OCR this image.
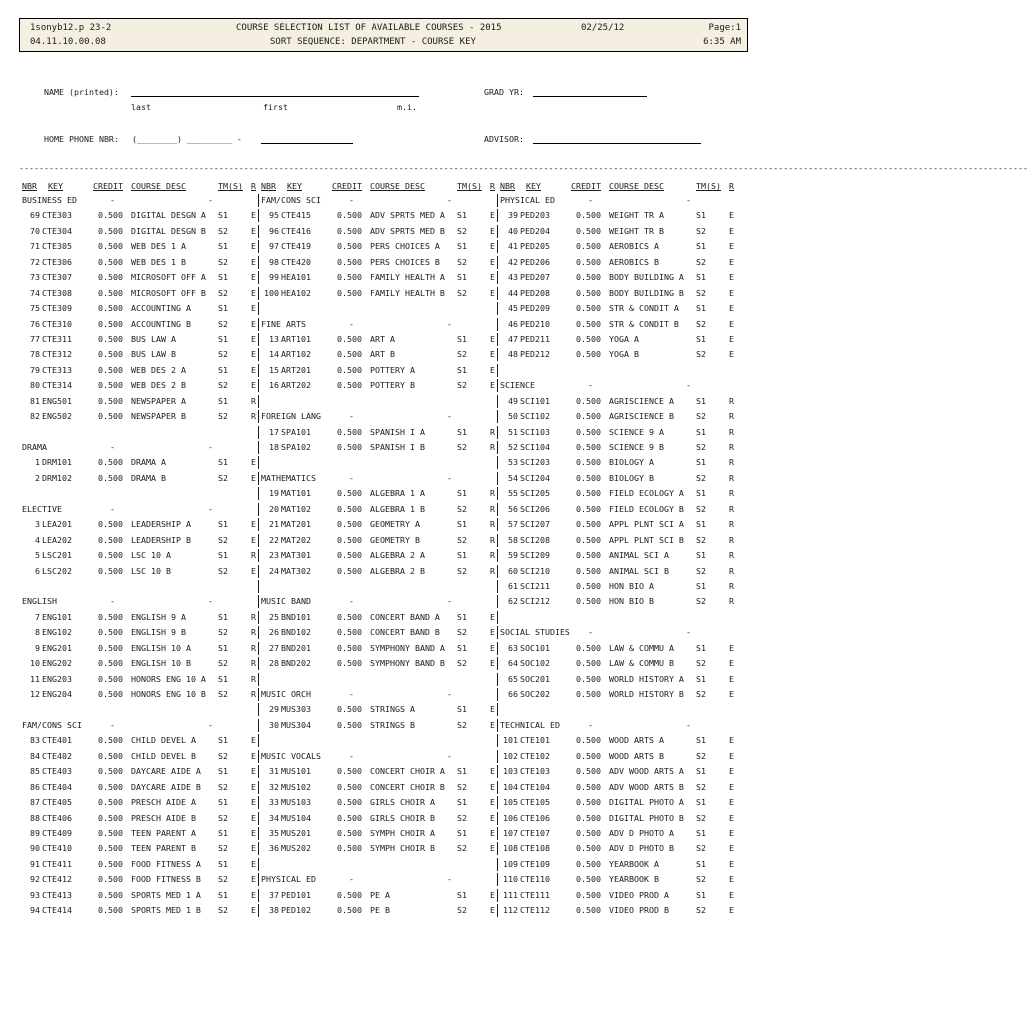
1sonyb12.p 23-2
04.11.10.00.08
COURSE SELECTION LIST OF AVAILABLE COURSES - 2015
SORT SEQUENCE: DEPARTMENT - COURSE KEY
02/25/12	Page:1
6:35 AM
NAME (printed):
last	first	m.i.
GRAD YR:
HOME PHONE NBR: (________) _________ -	ADVISOR:
----------------------------------------------------------------------------------------------------------------------------------------------------------------------------------------------------------
NBR KEY	CREDIT COURSE DESC	TM(S) R NBR KEY	CREDIT COURSE DESC	TM(S) R NBR KEY	CREDIT COURSE DESC	TM(S) R
BUSINESS ED	-	-
69 CTE303	0.500 DIGITAL DESGN A S1	E
70 CTE304	0.500 DIGITAL DESGN B S2	E
71 CTE305	0.500 WEB DES 1 A	S1	E
72 CTE306	0.500 WEB DES 1 B	S2	E
73 CTE307	0.500 MICROSOFT OFF A S1	E
74 CTE308	0.500 MICROSOFT OFF B S2	E
75 CTE309	0.500 ACCOUNTING A	S1	E
76 CTE310	0.500 ACCOUNTING B	S2	E
77 CTE311	0.500 BUS LAW A	S1	E
78 CTE312	0.500 BUS LAW B	S2	E
79 CTE313	0.500 WEB DES 2 A	S1	E
80 CTE314	0.500 WEB DES 2 B	S2	E
81 ENG501	0.500 NEWSPAPER A	S1	R
82 ENG502	0.500 NEWSPAPER B	S2	R
DRAMA	-	-
1 DRM101	0.500 DRAMA A	S1	E
2 DRM102	0.500 DRAMA B	S2	E
ELECTIVE	-	-
3 LEA201	0.500 LEADERSHIP A	S1	E
4 LEA202	0.500 LEADERSHIP B	S2	E
5 LSC201	0.500 LSC 10 A	S1	R
6 LSC202	0.500 LSC 10 B	S2	E
ENGLISH	-	-
7 ENG101	0.500 ENGLISH 9 A	S1	R
8 ENG102	0.500 ENGLISH 9 B	S2	R
9 ENG201	0.500 ENGLISH 10 A	S1	R
10 ENG202	0.500 ENGLISH 10 B	S2	R
11 ENG203	0.500 HONORS ENG 10 A S1	R
12 ENG204	0.500 HONORS ENG 10 B S2	R
FAM/CONS SCI	-	-
83 CTE401	0.500 CHILD DEVEL A	S1	E
84 CTE402	0.500 CHILD DEVEL B	S2	E
85 CTE403	0.500 DAYCARE AIDE A S1	E
86 CTE404	0.500 DAYCARE AIDE B S2	E
87 CTE405	0.500 PRESCH AIDE A	S1	E
88 CTE406	0.500 PRESCH AIDE B	S2	E
89 CTE409	0.500 TEEN PARENT A	S1	E
90 CTE410	0.500 TEEN PARENT B	S2	E
91 CTE411	0.500 FOOD FITNESS A S1	E
92 CTE412	0.500 FOOD FITNESS B S2	E
93 CTE413	0.500 SPORTS MED 1 A S1	E
94 CTE414	0.500 SPORTS MED 1 B S2	E
FAM/CONS SCI	-	-
95 CTE415	0.500 ADV SPRTS MED A S1	E
96 CTE416	0.500 ADV SPRTS MED B S2	E
97 CTE419	0.500 PERS CHOICES A S1	E
98 CTE420	0.500 PERS CHOICES B S2	E
99 HEA101	0.500 FAMILY HEALTH A S1	E
100 HEA102	0.500 FAMILY HEALTH B S2	E
FINE ARTS	-	-
13 ART101	0.500 ART A	S1	E
14 ART102	0.500 ART B	S2	E
15 ART201	0.500 POTTERY A	S1	E
16 ART202	0.500 POTTERY B	S2	E
FOREIGN LANG	-	-
17 SPA101	0.500 SPANISH I A	S1	R
18 SPA102	0.500 SPANISH I B	S2	R
MATHEMATICS	-	-
19 MAT101	0.500 ALGEBRA 1 A	S1	R
20 MAT102	0.500 ALGEBRA 1 B	S2	R
21 MAT201	0.500 GEOMETRY A	S1	R
22 MAT202	0.500 GEOMETRY B	S2	R
23 MAT301	0.500 ALGEBRA 2 A	S1	R
24 MAT302	0.500 ALGEBRA 2 B	S2	R
MUSIC BAND	-	-
25 BND101	0.500 CONCERT BAND A S1	E
26 BND102	0.500 CONCERT BAND B S2	E
27 BND201	0.500 SYMPHONY BAND A S1	E
28 BND202	0.500 SYMPHONY BAND B S2	E
MUSIC ORCH	-	-
29 MUS303	0.500 STRINGS A	S1	E
30 MUS304	0.500 STRINGS B	S2	E
MUSIC VOCALS	-	-
31 MUS101	0.500 CONCERT CHOIR A S1	E
32 MUS102	0.500 CONCERT CHOIR B S2	E
33 MUS103	0.500 GIRLS CHOIR A	S1	E
34 MUS104	0.500 GIRLS CHOIR B	S2	E
35 MUS201	0.500 SYMPH CHOIR A	S1	E
36 MUS202	0.500 SYMPH CHOIR B	S2	E
PHYSICAL ED	-	-
37 PED101	0.500 PE A	S1	E
38 PED102	0.500 PE B	S2	E
PHYSICAL ED	-	-
39 PED203	0.500 WEIGHT TR A	S1	E
40 PED204	0.500 WEIGHT TR B	S2	E
41 PED205	0.500 AEROBICS A	S1	E
42 PED206	0.500 AEROBICS B	S2	E
43 PED207	0.500 BODY BUILDING A S1	E
44 PED208	0.500 BODY BUILDING B S2	E
45 PED209	0.500 STR & CONDIT A S1	E
46 PED210	0.500 STR & CONDIT B S2	E
47 PED211	0.500 YOGA A	S1	E
48 PED212	0.500 YOGA B	S2	E
SCIENCE	-	-
49 SCI101	0.500 AGRISCIENCE A	S1	R
50 SCI102	0.500 AGRISCIENCE B	S2	R
51 SCI103	0.500 SCIENCE 9 A	S1	R
52 SCI104	0.500 SCIENCE 9 B	S2	R
53 SCI203	0.500 BIOLOGY A	S1	R
54 SCI204	0.500 BIOLOGY B	S2	R
55 SCI205	0.500 FIELD ECOLOGY A S1	R
56 SCI206	0.500 FIELD ECOLOGY B S2	R
57 SCI207	0.500 APPL PLNT SCI A S1	R
58 SCI208	0.500 APPL PLNT SCI B S2	R
59 SCI209	0.500 ANIMAL SCI A	S1	R
60 SCI210	0.500 ANIMAL SCI B	S2	R
61 SCI211	0.500 HON BIO A	S1	R
62 SCI212	0.500 HON BIO B	S2	R
SOCIAL STUDIES -	-
63 SOC101	0.500 LAW & COMMU A	S1	E
64 SOC102	0.500 LAW & COMMU B	S2	E
65 SOC201	0.500 WORLD HISTORY A S1	E
66 SOC202	0.500 WORLD HISTORY B S2	E
TECHNICAL ED	-	-
101 CTE101	0.500 WOOD ARTS A	S1	E
102 CTE102	0.500 WOOD ARTS B	S2	E
103 CTE103	0.500 ADV WOOD ARTS A S1	E
104 CTE104	0.500 ADV WOOD ARTS B S2	E
105 CTE105	0.500 DIGITAL PHOTO A S1	E
106 CTE106	0.500 DIGITAL PHOTO B S2	E
107 CTE107	0.500 ADV D PHOTO A	S1	E
108 CTE108	0.500 ADV D PHOTO B	S2	E
109 CTE109	0.500 YEARBOOK A	S1	E
110 CTE110	0.500 YEARBOOK B	S2	E
111 CTE111	0.500 VIDEO PROD A	S1	E
112 CTE112	0.500 VIDEO PROD B	S2	E
